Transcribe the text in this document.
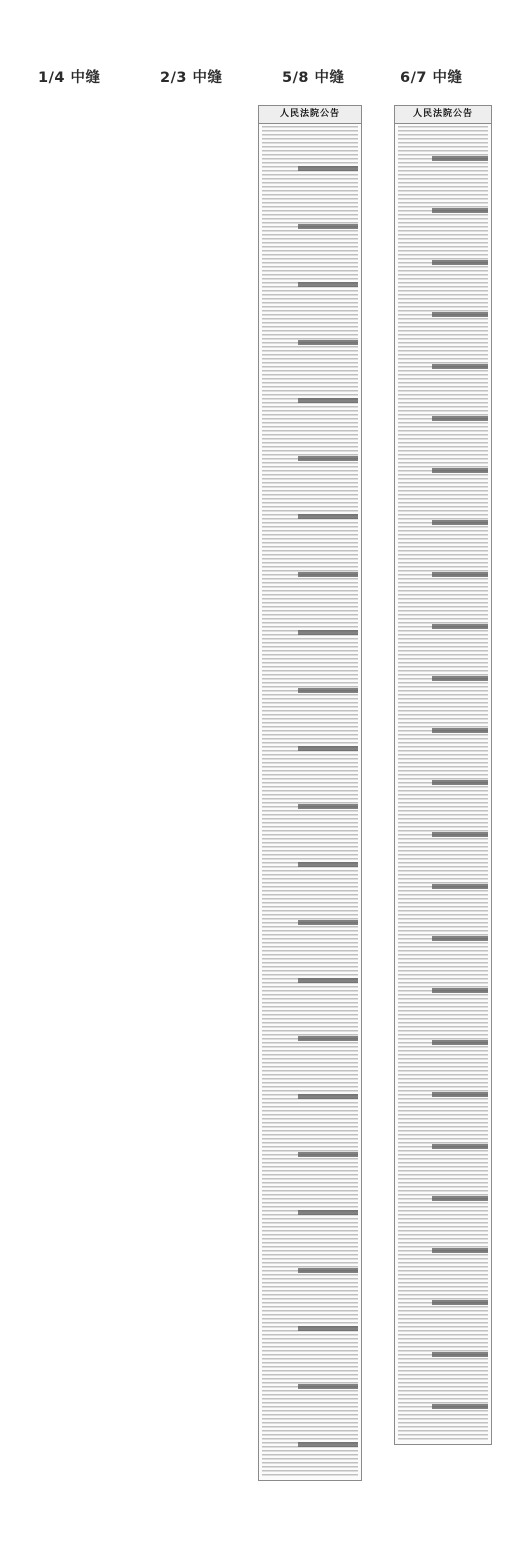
1/4 中缝	2/3 中缝	5/8 中缝	6/7 中缝
人民法院公告	人民法院公告
